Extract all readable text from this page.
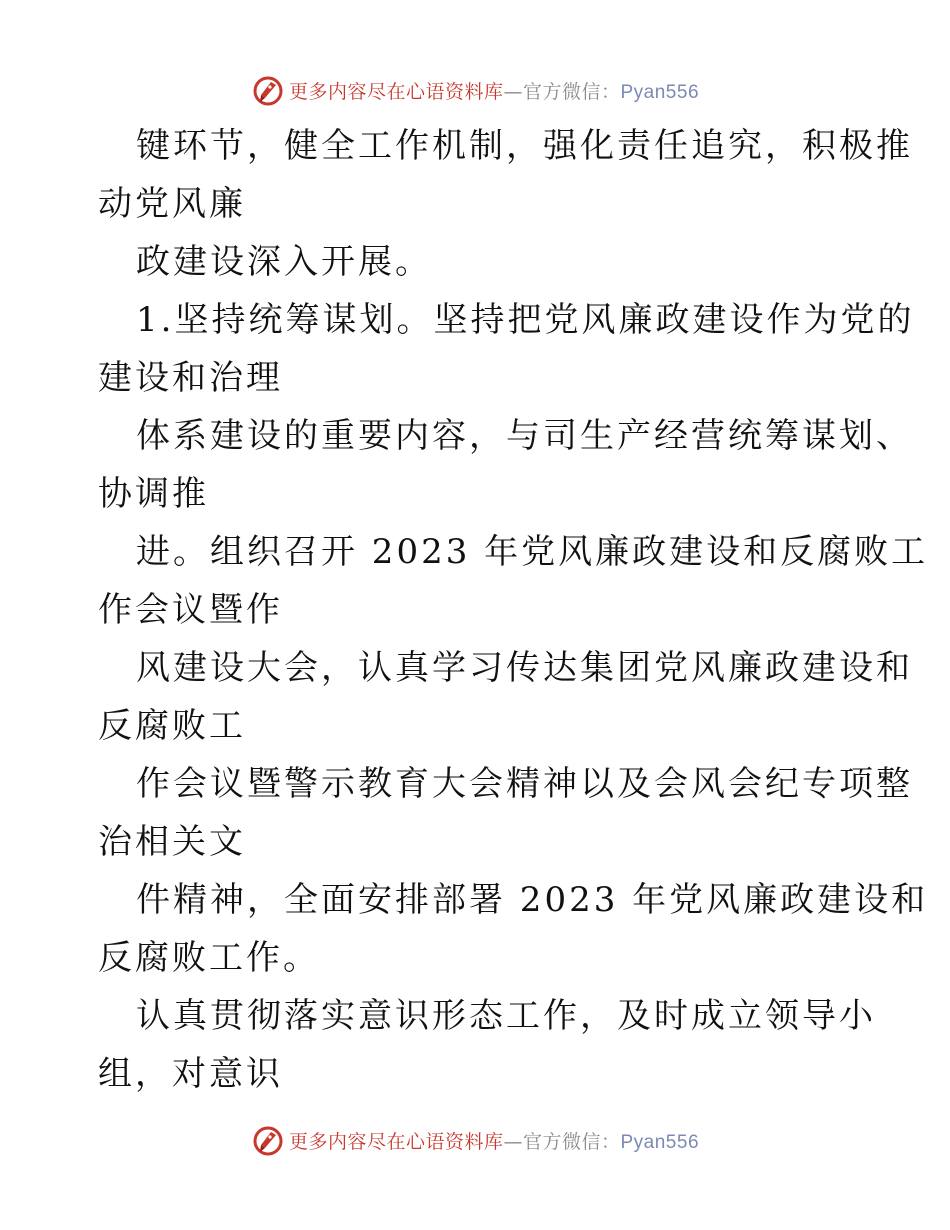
更多内容尽在心语资料库—官方微信：Pyan556
键环节，健全工作机制，强化责任追究，积极推
动党风廉
政建设深入开展。
1.坚持统筹谋划。坚持把党风廉政建设作为党的
建设和治理
体系建设的重要内容，与司生产经营统筹谋划、
协调推
进。组织召开 2023 年党风廉政建设和反腐败工
作会议暨作
风建设大会，认真学习传达集团党风廉政建设和
反腐败工
作会议暨警示教育大会精神以及会风会纪专项整
治相关文
件精神，全面安排部署 2023 年党风廉政建设和
反腐败工作。
认真贯彻落实意识形态工作，及时成立领导小
组，对意识
更多内容尽在心语资料库—官方微信：Pyan556
